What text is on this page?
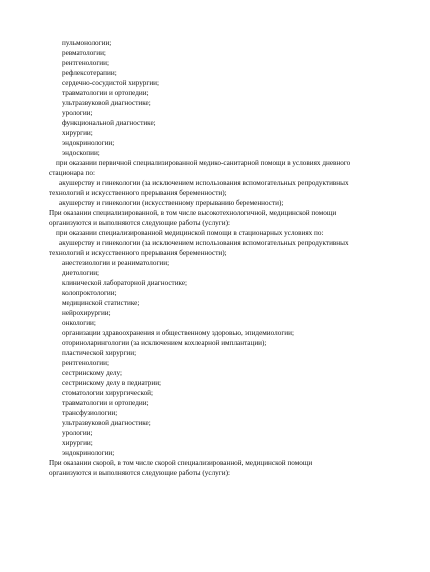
пульмонологии;
ревматологии;
рентгенологии;
рефлексотерапии;
сердечно-сосудистой хирургии;
травматологии и ортопедии;
ультразвуковой диагностике;
урологии;
функциональной диагностике;
хирургии;
эндокринологии;
эндоскопии;
при оказании первичной специализированной медико-санитарной помощи в условиях дневного
стационара по:
акушерству и гинекологии (за исключением использования вспомогательных репродуктивных
технологий и искусственного прерывания беременности);
акушерству и гинекологии (искусственному прерыванию беременности);
При оказании специализированной, в том числе высокотехнологичной, медицинской помощи
организуются и выполняются следующие работы (услуги):
при оказании специализированной медицинской помощи в стационарных условиях по:
акушерству и гинекологии (за исключением использования вспомогательных репродуктивных
технологий и искусственного прерывания беременности);
анестезиологии и реаниматологии;
диетологии;
клинической лабораторной диагностике;
колопроктологии;
медицинской статистике;
нейрохирургии;
онкологии;
организации здравоохранения и общественному здоровью, эпидемиологии;
оториноларингологии (за исключением кохлеарной имплантации);
пластической хирургии;
рентгенологии;
сестринскому делу;
сестринскому делу в педиатрии;
стоматологии хирургической;
травматологии и ортопедии;
трансфузиологии;
ультразвуковой диагностике;
урологии;
хирургии;
эндокринологии;
При оказании скорой, в том числе скорой специализированной, медицинской помощи
организуются и выполняются следующие работы (услуги):
